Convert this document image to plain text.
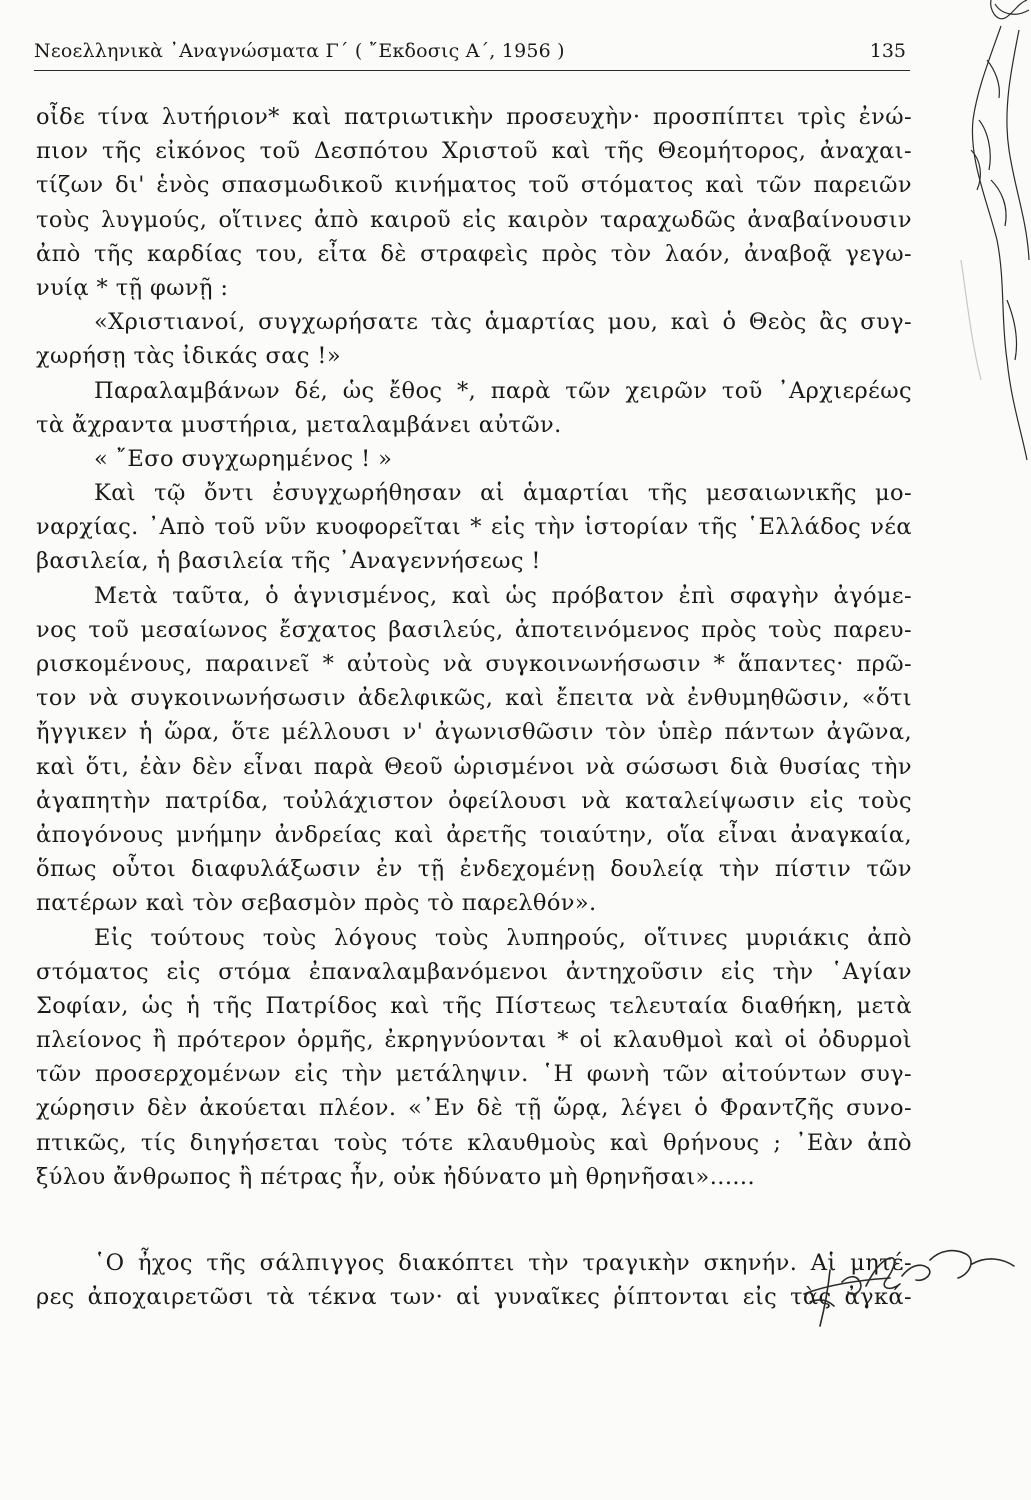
Νεοελληνικὰ ᾿Αναγνώσματα Γ΄ ( ῎Εκδοσις Α΄, 1956 )	135
οἶδε τίνα λυτήριον* καὶ πατριωτικὴν προσευχὴν· προσπίπτει τρὶς ἐνώ-
πιον τῆς εἰκόνος τοῦ Δεσπότου Χριστοῦ καὶ τῆς Θεομήτορος, ἀναχαι-
τίζων δι' ἑνὸς σπασμωδικοῦ κινήματος τοῦ στόματος καὶ τῶν παρειῶν
τοὺς λυγμούς, οἵτινες ἀπὸ καιροῦ εἰς καιρὸν ταραχωδῶς ἀναβαίνουσιν
ἀπὸ τῆς καρδίας του, εἶτα δὲ στραφεὶς πρὸς τὸν λαόν, ἀναβοᾷ γεγω-
νυίᾳ * τῇ φωνῇ :
«Χριστιανοί, συγχωρήσατε τὰς ἁμαρτίας μου, καὶ ὁ Θεὸς ἂς συγ-
χωρήσῃ τὰς ἰδικάς σας !»
Παραλαμβάνων δέ, ὡς ἔθος *, παρὰ τῶν χειρῶν τοῦ ᾿Αρχιερέως
τὰ ἄχραντα μυστήρια, μεταλαμβάνει αὐτῶν.
« ῎Εσο συγχωρημένος ! »
Καὶ τῷ ὄντι ἐσυγχωρήθησαν αἱ ἁμαρτίαι τῆς μεσαιωνικῆς μο-
ναρχίας. ᾿Απὸ τοῦ νῦν κυοφορεῖται * εἰς τὴν ἱστορίαν τῆς ῾Ελλάδος νέα
βασιλεία, ἡ βασιλεία τῆς ᾿Αναγεννήσεως !
Μετὰ ταῦτα, ὁ ἁγνισμένος, καὶ ὡς πρόβατον ἐπὶ σφαγὴν ἀγόμε-
νος τοῦ μεσαίωνος ἔσχατος βασιλεύς, ἀποτεινόμενος πρὸς τοὺς παρευ-
ρισκομένους, παραινεῖ * αὐτοὺς νὰ συγκοινωνήσωσιν * ἅπαντες· πρῶ-
τον νὰ συγκοινωνήσωσιν ἀδελφικῶς, καὶ ἔπειτα νὰ ἐνθυμηθῶσιν, «ὅτι
ἤγγικεν ἡ ὥρα, ὅτε μέλλουσι ν' ἀγωνισθῶσιν τὸν ὑπὲρ πάντων ἀγῶνα,
καὶ ὅτι, ἐὰν δὲν εἶναι παρὰ Θεοῦ ὡρισμένοι νὰ σώσωσι διὰ θυσίας τὴν
ἀγαπητὴν πατρίδα, τοὐλάχιστον ὀφείλουσι νὰ καταλείψωσιν εἰς τοὺς
ἀπογόνους μνήμην ἀνδρείας καὶ ἀρετῆς τοιαύτην, οἵα εἶναι ἀναγκαία,
ὅπως οὗτοι διαφυλάξωσιν ἐν τῇ ἐνδεχομένῃ δουλείᾳ τὴν πίστιν τῶν
πατέρων καὶ τὸν σεβασμὸν πρὸς τὸ παρελθόν».
Εἰς τούτους τοὺς λόγους τοὺς λυπηρούς, οἵτινες μυριάκις ἀπὸ
στόματος εἰς στόμα ἐπαναλαμβανόμενοι ἀντηχοῦσιν εἰς τὴν ῾Αγίαν
Σοφίαν, ὡς ἡ τῆς Πατρίδος καὶ τῆς Πίστεως τελευταία διαθήκη, μετὰ
πλείονος ἢ πρότερον ὁρμῆς, ἐκρηγνύονται * οἱ κλαυθμοὶ καὶ οἱ ὀδυρμοὶ
τῶν προσερχομένων εἰς τὴν μετάληψιν. ῾Η φωνὴ τῶν αἰτούντων συγ-
χώρησιν δὲν ἀκούεται πλέον. «᾿Εν δὲ τῇ ὥρᾳ, λέγει ὁ Φραντζῆς συνο-
πτικῶς, τίς διηγήσεται τοὺς τότε κλαυθμοὺς καὶ θρήνους ; ᾿Εὰν ἀπὸ
ξύλου ἄνθρωπος ἢ πέτρας ἦν, οὐκ ἠδύνατο μὴ θρηνῆσαι»......
῾Ο ἦχος τῆς σάλπιγγος διακόπτει τὴν τραγικὴν σκηνήν. Αἱ μητέ-
ρες ἀποχαιρετῶσι τὰ τέκνα των· αἱ γυναῖκες ῥίπτονται εἰς τὰς ἀγκά-
